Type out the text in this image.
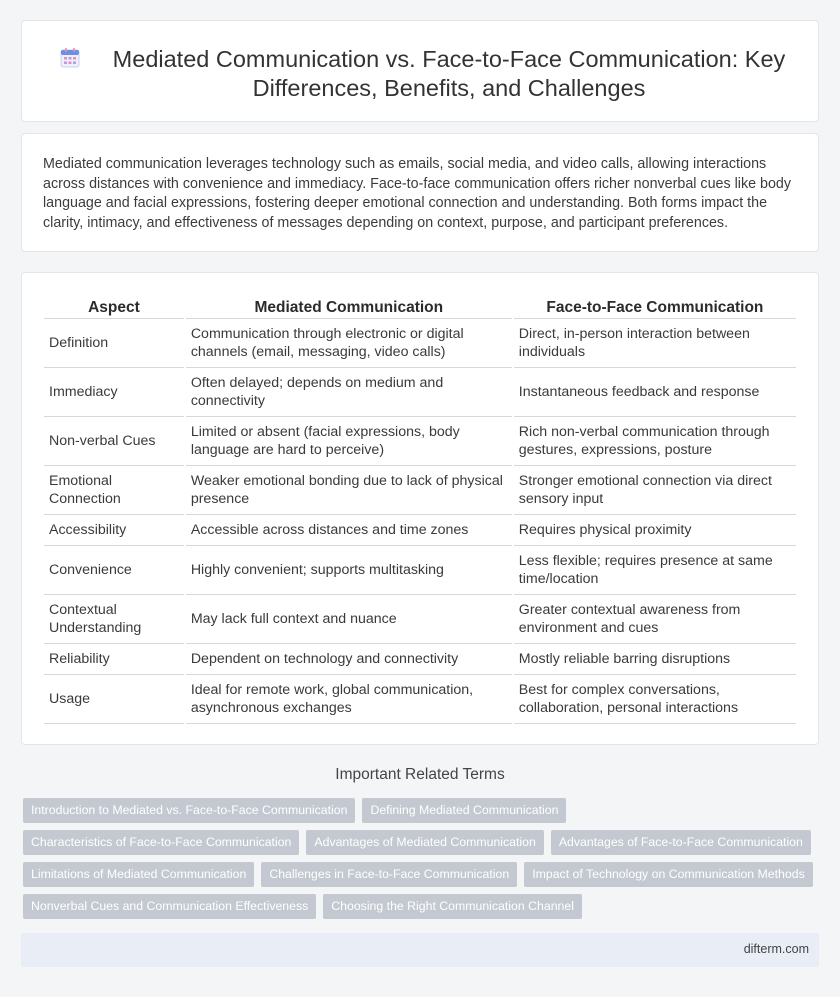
Mediated Communication vs. Face-to-Face Communication: Key Differences, Benefits, and Challenges

Mediated communication leverages technology such as emails, social media, and video calls, allowing interactions across distances with convenience and immediacy. Face-to-face communication offers richer nonverbal cues like body language and facial expressions, fostering deeper emotional connection and understanding. Both forms impact the clarity, intimacy, and effectiveness of messages depending on context, purpose, and participant preferences.

Aspect	Mediated Communication	Face-to-Face Communication
Definition	Communication through electronic or digital channels (email, messaging, video calls)	Direct, in-person interaction between individuals
Immediacy	Often delayed; depends on medium and connectivity	Instantaneous feedback and response
Non-verbal Cues	Limited or absent (facial expressions, body language are hard to perceive)	Rich non-verbal communication through gestures, expressions, posture
Emotional Connection	Weaker emotional bonding due to lack of physical presence	Stronger emotional connection via direct sensory input
Accessibility	Accessible across distances and time zones	Requires physical proximity
Convenience	Highly convenient; supports multitasking	Less flexible; requires presence at same time/location
Contextual Understanding	May lack full context and nuance	Greater contextual awareness from environment and cues
Reliability	Dependent on technology and connectivity	Mostly reliable barring disruptions
Usage	Ideal for remote work, global communication, asynchronous exchanges	Best for complex conversations, collaboration, personal interactions
Important Related Terms
Introduction to Mediated vs. Face-to-Face Communication	Defining Mediated Communication
Characteristics of Face-to-Face Communication	Advantages of Mediated Communication	Advantages of Face-to-Face Communication
Limitations of Mediated Communication	Challenges in Face-to-Face Communication	Impact of Technology on Communication Methods
Nonverbal Cues and Communication Effectiveness	Choosing the Right Communication Channel
difterm.com
